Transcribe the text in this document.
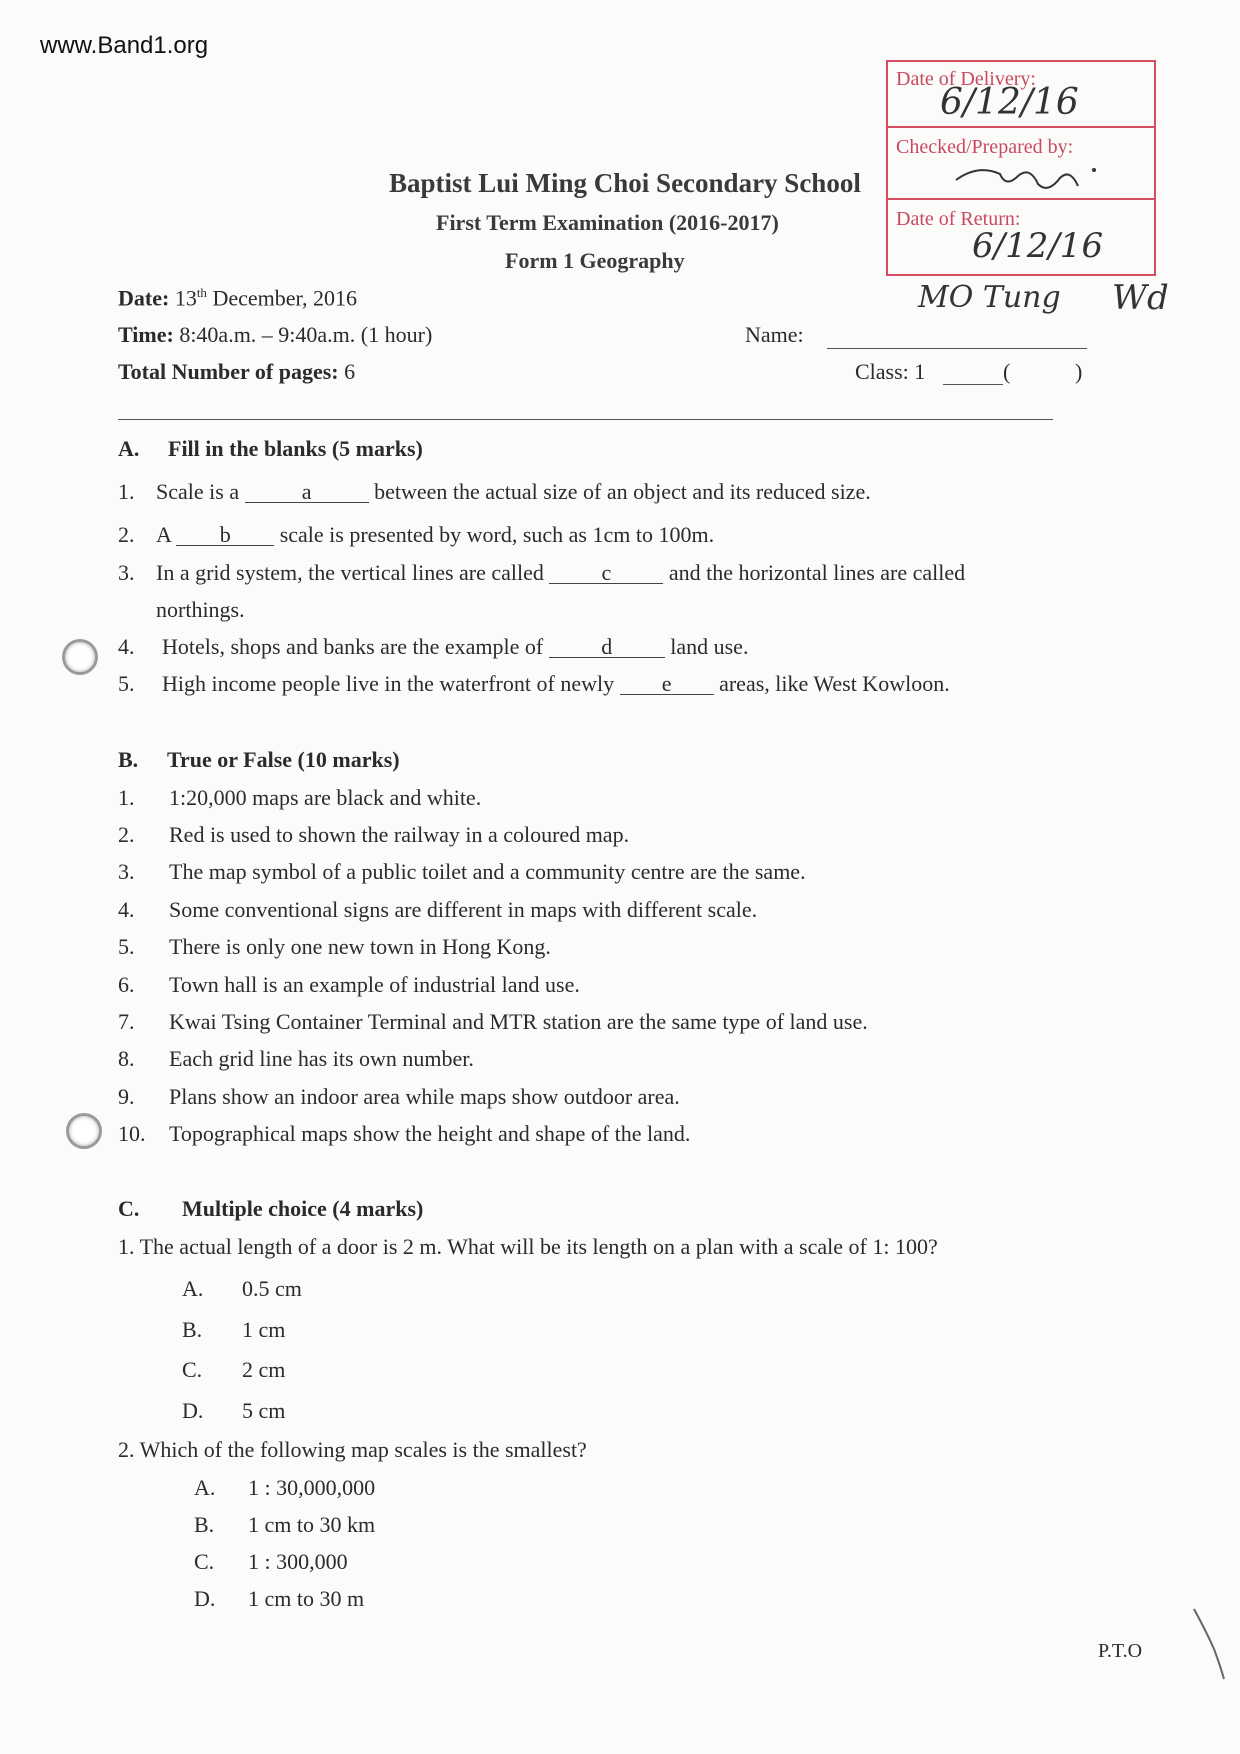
www.Band1.org
Date of Delivery:
6/12/16
Checked/Prepared by:
Date of Return:
6/12/16
MO Tung Wd
Baptist Lui Ming Choi Secondary School
First Term Examination (2016-2017)
Form 1 Geography
Date: 13th December, 2016
Time: 8:40a.m. – 9:40a.m. (1 hour)
Total Number of pages: 6
Name:
Class: 1	(	)
A. Fill in the blanks (5 marks)
1. Scale is a	a	between the actual size of an object and its reduced size.
2. A b scale is presented by word, such as 1cm to 100m.
3. In a grid system, the vertical lines are called c and the horizontal lines are called
northings.
4. Hotels, shops and banks are the example of d land use.
5. High income people live in the waterfront of newly e areas, like West Kowloon.
B. True or False (10 marks)
1. 1:20,000 maps are black and white.
2. Red is used to shown the railway in a coloured map.
3. The map symbol of a public toilet and a community centre are the same.
4. Some conventional signs are different in maps with different scale.
5. There is only one new town in Hong Kong.
6. Town hall is an example of industrial land use.
7. Kwai Tsing Container Terminal and MTR station are the same type of land use.
8. Each grid line has its own number.
9. Plans show an indoor area while maps show outdoor area.
10. Topographical maps show the height and shape of the land.
C. Multiple choice (4 marks)
1. The actual length of a door is 2 m. What will be its length on a plan with a scale of 1: 100?
A. 0.5 cm
B. 1 cm
C. 2 cm
D. 5 cm
2. Which of the following map scales is the smallest?
A. 1 : 30,000,000
B. 1 cm to 30 km
C. 1 : 300,000
D. 1 cm to 30 m
P.T.O
